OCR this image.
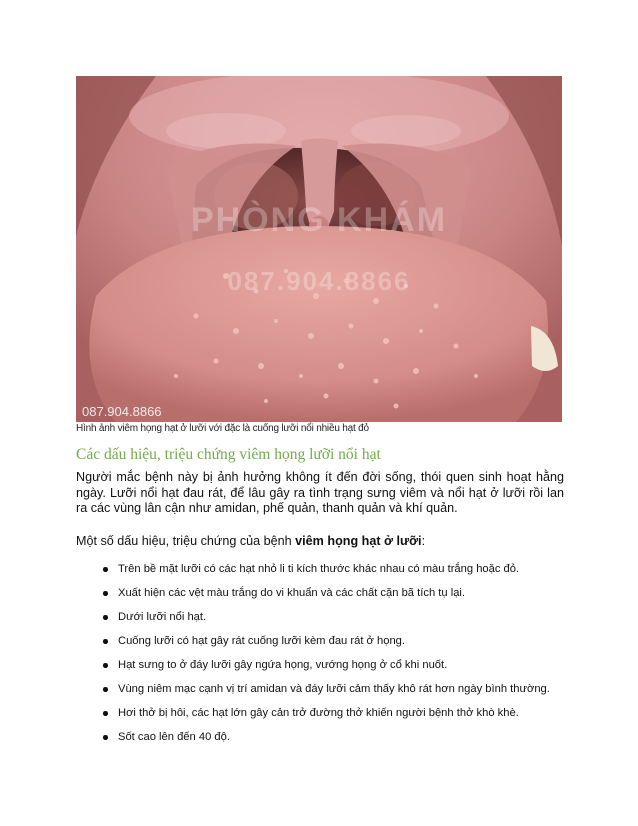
PHÒNG KHÁM
087.904.8866
087.904.8866
Hình ảnh viêm họng hạt ở lưỡi với đặc là cuống lưỡi nổi nhiều hạt đỏ
Các dấu hiệu, triệu chứng viêm họng lưỡi nổi hạt
Người mắc bệnh này bị ảnh hưởng không ít đến đời sống, thói quen sinh hoạt hằng ngày. Lưỡi nổi hạt đau rát, để lâu gây ra tình trạng sưng viêm và nổi hạt ở lưỡi rồi lan ra các vùng lân cận như amidan, phế quản, thanh quản và khí quản.
Một số dấu hiệu, triệu chứng của bệnh viêm họng hạt ở lưỡi:
Trên bề mặt lưỡi có các hạt nhỏ li ti kích thước khác nhau có màu trắng hoặc đỏ.
Xuất hiện các vệt màu trắng do vi khuẩn và các chất cặn bã tích tụ lại.
Dưới lưỡi nổi hạt.
Cuống lưỡi có hạt gây rát cuống lưỡi kèm đau rát ở họng.
Hạt sưng to ở đáy lưỡi gây ngứa họng, vướng họng ở cổ khi nuốt.
Vùng niêm mạc cạnh vị trí amidan và đáy lưỡi cảm thấy khô rát hơn ngày bình thường.
Hơi thở bị hôi, các hạt lớn gây cản trở đường thở khiến người bệnh thở khò khè.
Sốt cao lên đến 40 độ.
